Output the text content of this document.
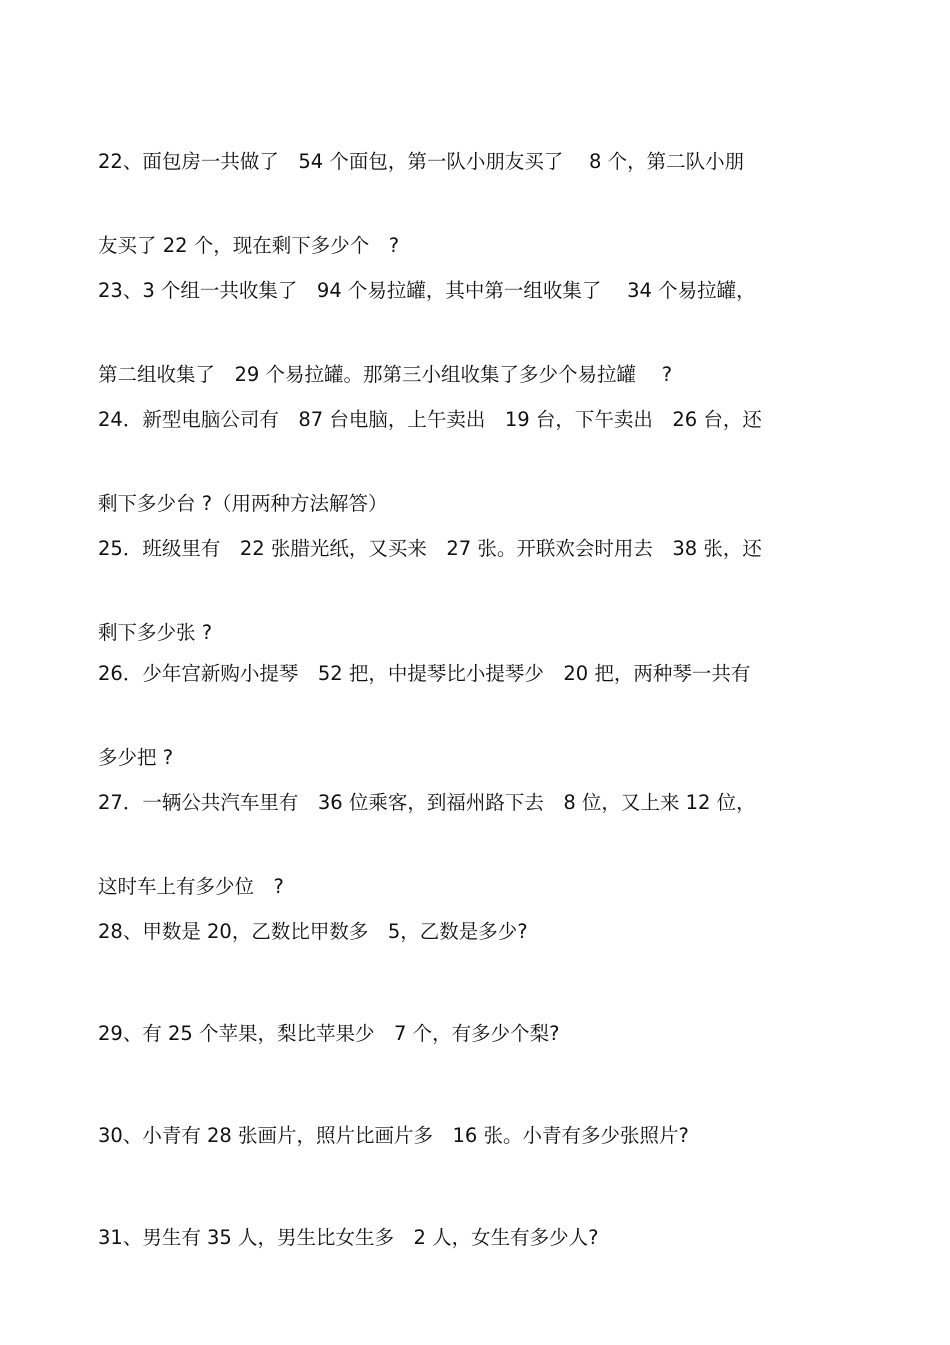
22、面包房一共做了　54 个面包，第一队小朋友买了　 8 个，第二队小朋

友买了 22 个，现在剩下多少个　?

23、3 个组一共收集了　94 个易拉罐，其中第一组收集了　 34 个易拉罐，

第二组收集了　29 个易拉罐。那第三小组收集了多少个易拉罐　 ?

24．新型电脑公司有　87 台电脑，上午卖出　19 台，下午卖出　26 台，还

剩下多少台 ?（用两种方法解答）

25．班级里有　22 张腊光纸，又买来　27 张。开联欢会时用去　38 张，还

剩下多少张 ?

26．少年宫新购小提琴　52 把，中提琴比小提琴少　20 把，两种琴一共有

多少把 ?

27．一辆公共汽车里有　36 位乘客，到福州路下去　8 位，又上来 12 位，

这时车上有多少位　?

28、甲数是 20，乙数比甲数多　5，乙数是多少?

29、有 25 个苹果，梨比苹果少　7 个，有多少个梨?

30、小青有 28 张画片，照片比画片多　16 张。小青有多少张照片?

31、男生有 35 人，男生比女生多　2 人，女生有多少人?
